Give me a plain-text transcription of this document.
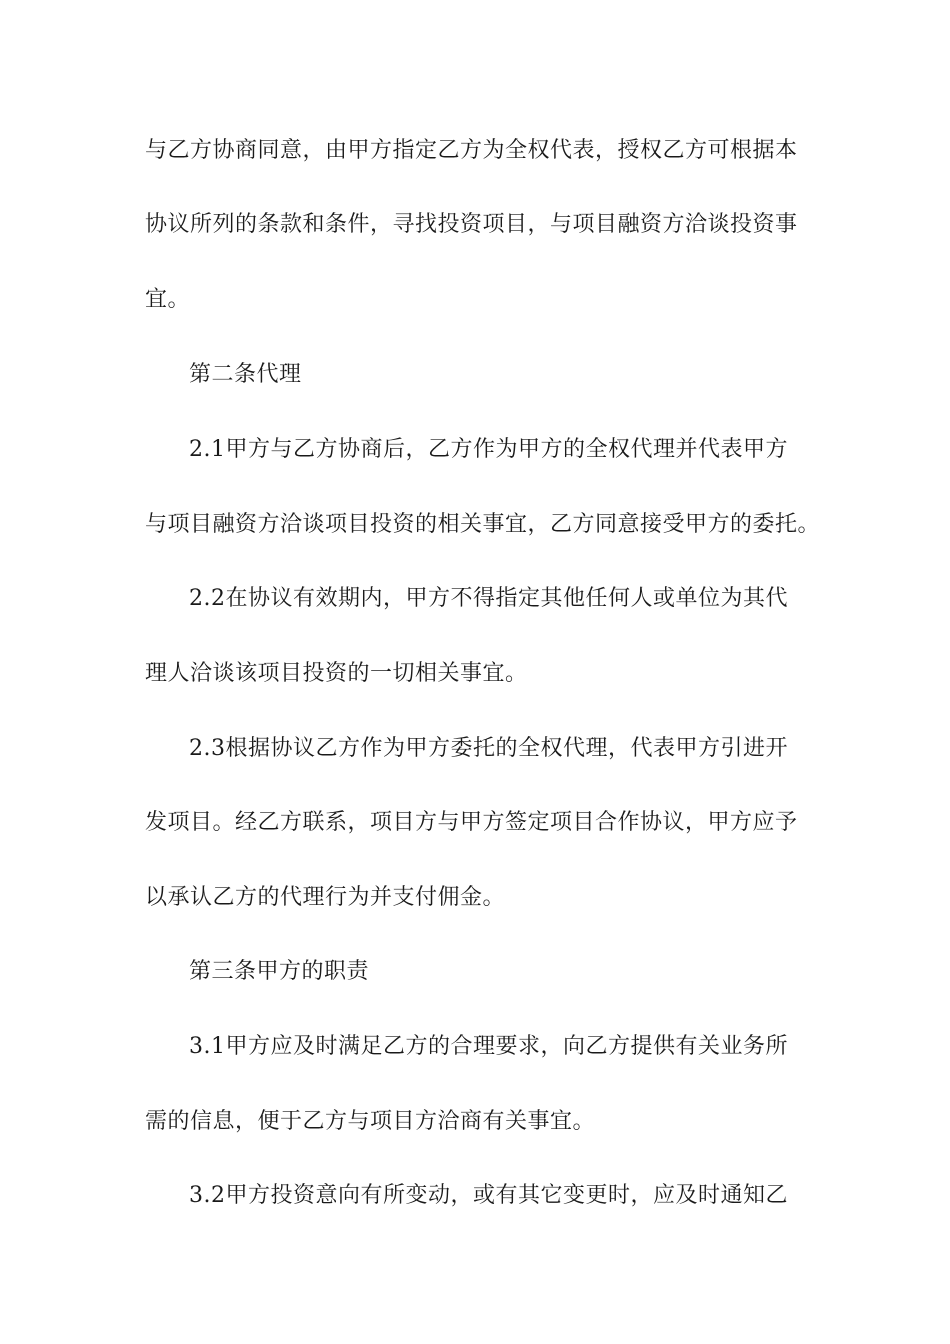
与乙方协商同意，由甲方指定乙方为全权代表，授权乙方可根据本
协议所列的条款和条件，寻找投资项目，与项目融资方洽谈投资事
宜。
第二条代理
2.1甲方与乙方协商后，乙方作为甲方的全权代理并代表甲方
与项目融资方洽谈项目投资的相关事宜，乙方同意接受甲方的委托。
2.2在协议有效期内，甲方不得指定其他任何人或单位为其代
理人洽谈该项目投资的一切相关事宜。
2.3根据协议乙方作为甲方委托的全权代理，代表甲方引进开
发项目。经乙方联系，项目方与甲方签定项目合作协议，甲方应予
以承认乙方的代理行为并支付佣金。
第三条甲方的职责
3.1甲方应及时满足乙方的合理要求，向乙方提供有关业务所
需的信息，便于乙方与项目方洽商有关事宜。
3.2甲方投资意向有所变动，或有其它变更时，应及时通知乙
